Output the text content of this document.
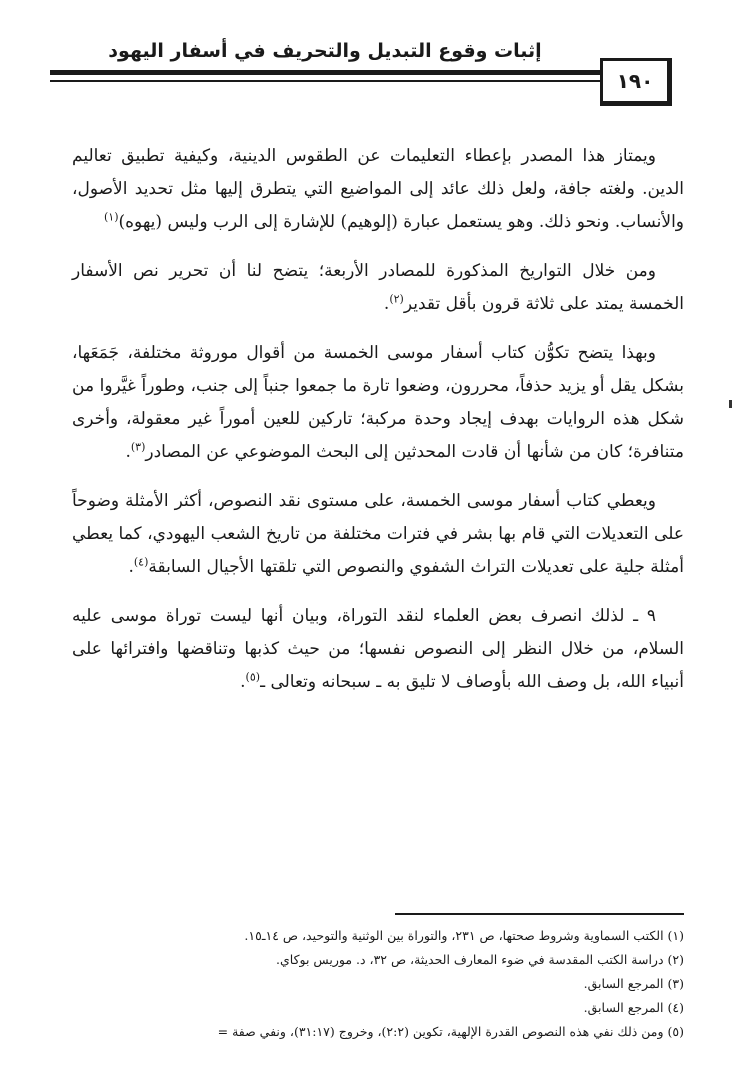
إثبات وقوع التبديل والتحريف في أسفار اليهود
١٩٠

ويمتاز هذا المصدر بإعطاء التعليمات عن الطقوس الدينية، وكيفية تطبيق تعاليم الدين. ولغته جافة، ولعل ذلك عائد إلى المواضيع التي يتطرق إليها مثل تحديد الأصول، والأنساب. ونحو ذلك. وهو يستعمل عبارة (إلوهيم) للإشارة إلى الرب وليس (يهوه)$^{(١)}$

ومن خلال التواريخ المذكورة للمصادر الأربعة؛ يتضح لنا أن تحرير نص الأسفار الخمسة يمتد على ثلاثة قرون بأقل تقدير$^{(٢)}$.

وبهذا يتضح تكوُّن كتاب أسفار موسى الخمسة من أقوال موروثة مختلفة، جَمَعَها، بشكل يقل أو يزيد حذفاً، محررون، وضعوا تارة ما جمعوا جنباً إلى جنب، وطوراً غيَّروا من شكل هذه الروايات بهدف إيجاد وحدة مركبة؛ تاركين للعين أموراً غير معقولة، وأخرى متنافرة؛ كان من شأنها أن قادت المحدثين إلى البحث الموضوعي عن المصادر$^{(٣)}$.

ويعطي كتاب أسفار موسى الخمسة، على مستوى نقد النصوص، أكثر الأمثلة وضوحاً على التعديلات التي قام بها بشر في فترات مختلفة من تاريخ الشعب اليهودي، كما يعطي أمثلة جلية على تعديلات التراث الشفوي والنصوص التي تلقتها الأجيال السابقة$^{(٤)}$.

٩ ـ لذلك انصرف بعض العلماء لنقد التوراة، وبيان أنها ليست توراة موسى عليه السلام، من خلال النظر إلى النصوص نفسها؛ من حيث كذبها وتناقضها وافترائها على أنبياء الله، بل وصف الله بأوصاف لا تليق به ـ سبحانه وتعالى ـ$^{(٥)}$.

(١) الكتب السماوية وشروط صحتها، ص ٢٣١، والتوراة بين الوثنية والتوحيد، ص ١٤ـ١٥.
(٢) دراسة الكتب المقدسة في ضوء المعارف الحديثة، ص ٣٢، د. موريس بوكاي.
(٣) المرجع السابق.
(٤) المرجع السابق.
(٥) ومن ذلك نفي هذه النصوص القدرة الإلهية، تكوين (٢:٢)، وخروج (٣١:١٧)، ونفي صفة =
